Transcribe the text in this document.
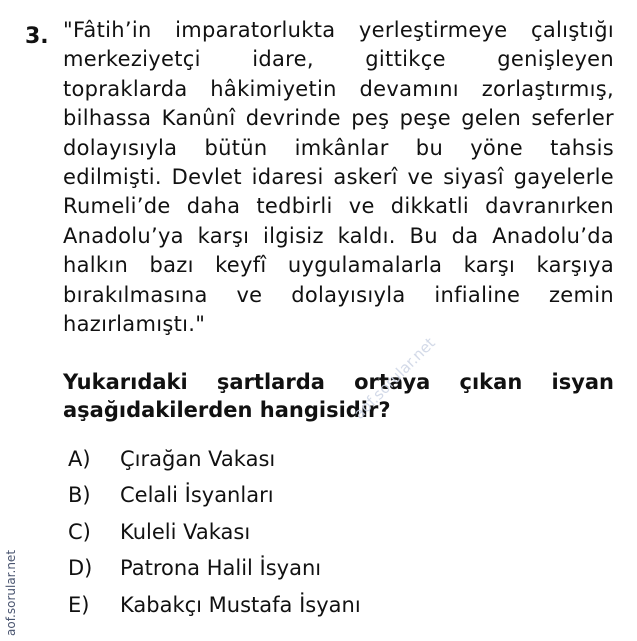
3. "Fâtih’in imparatorlukta yerleştirmeye çalıştığı
merkeziyetçi idare, gittikçe genişleyen
topraklarda hâkimiyetin devamını zorlaştırmış,
bilhassa Kanûnî devrinde peş peşe gelen seferler
dolayısıyla bütün imkânlar bu yöne tahsis
edilmişti. Devlet idaresi askerî ve siyasî gayelerle
Rumeli’de daha tedbirli ve dikkatli davranırken
Anadolu’ya karşı ilgisiz kaldı. Bu da Anadolu’da
halkın bazı keyfî uygulamalarla karşı karşıya
bırakılmasına ve dolayısıyla infialine zemin
hazırlamıştı."
Yukarıdaki şartlarda ortaya çıkan isyan
aşağıdakilerden hangisidir?
A)	Çırağan Vakası
B)	Celali İsyanları
C)	Kuleli Vakası
D)	Patrona Halil İsyanı
E)	Kabakçı Mustafa İsyanı
aof.sorular.net
aof.sorular.net
